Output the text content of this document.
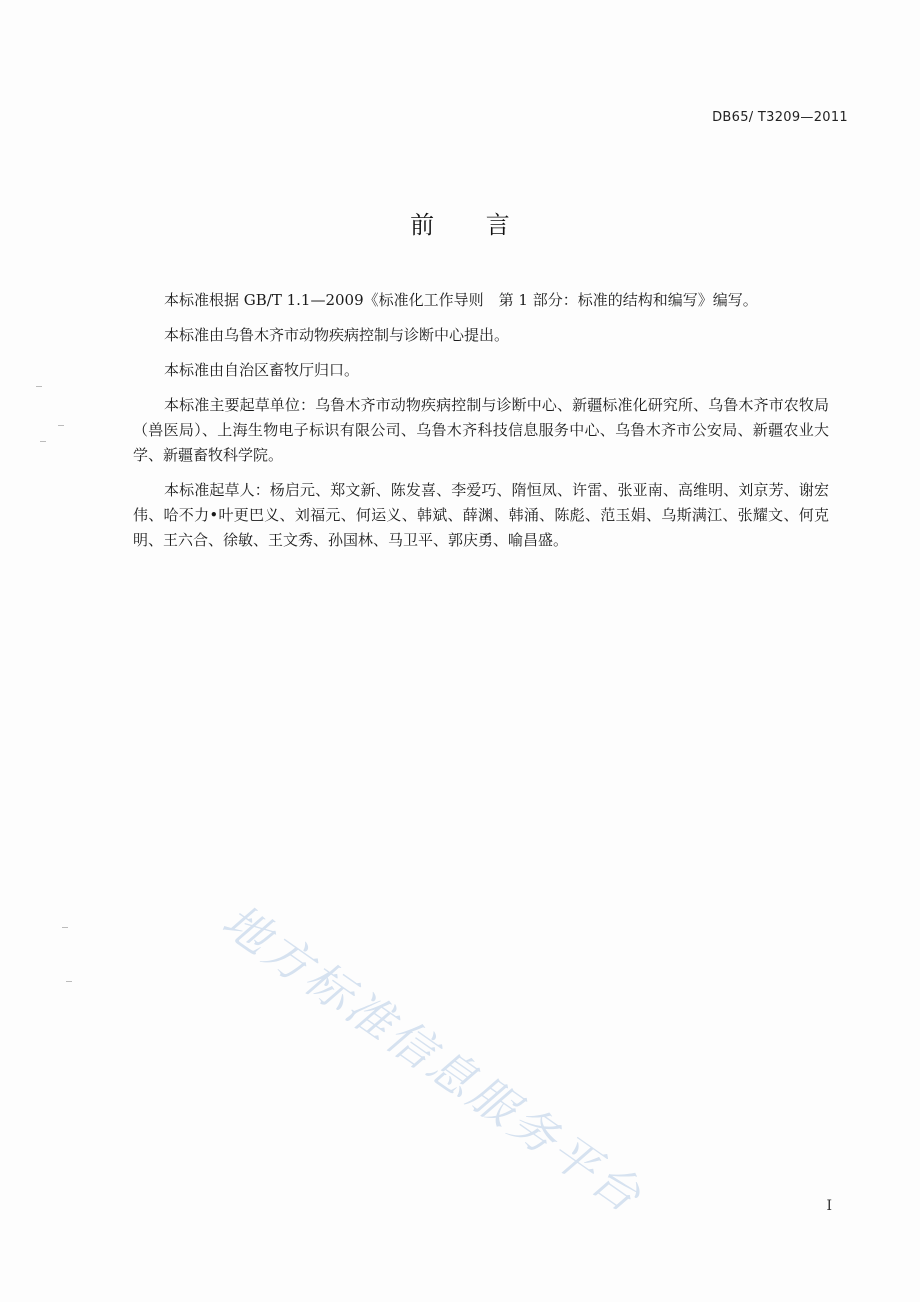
DB65/ T3209—2011
前 言

本标准根据 GB/T 1.1—2009《标准化工作导则　第 1 部分：标准的结构和编写》编写。

本标准由乌鲁木齐市动物疾病控制与诊断中心提出。

本标准由自治区畜牧厅归口。

本标准主要起草单位：乌鲁木齐市动物疾病控制与诊断中心、新疆标准化研究所、乌鲁木齐市农牧局（兽医局）、上海生物电子标识有限公司、乌鲁木齐科技信息服务中心、乌鲁木齐市公安局、新疆农业大学、新疆畜牧科学院。

本标准起草人：杨启元、郑文新、陈发喜、李爱巧、隋恒凤、许雷、张亚南、高维明、刘京芳、谢宏伟、哈不力•叶更巴义、刘福元、何运义、韩斌、薛渊、韩涌、陈彪、范玉娟、乌斯满江、张耀文、何克明、王六合、徐敏、王文秀、孙国林、马卫平、郭庆勇、喻昌盛。

地方标准信息服务平台	I
